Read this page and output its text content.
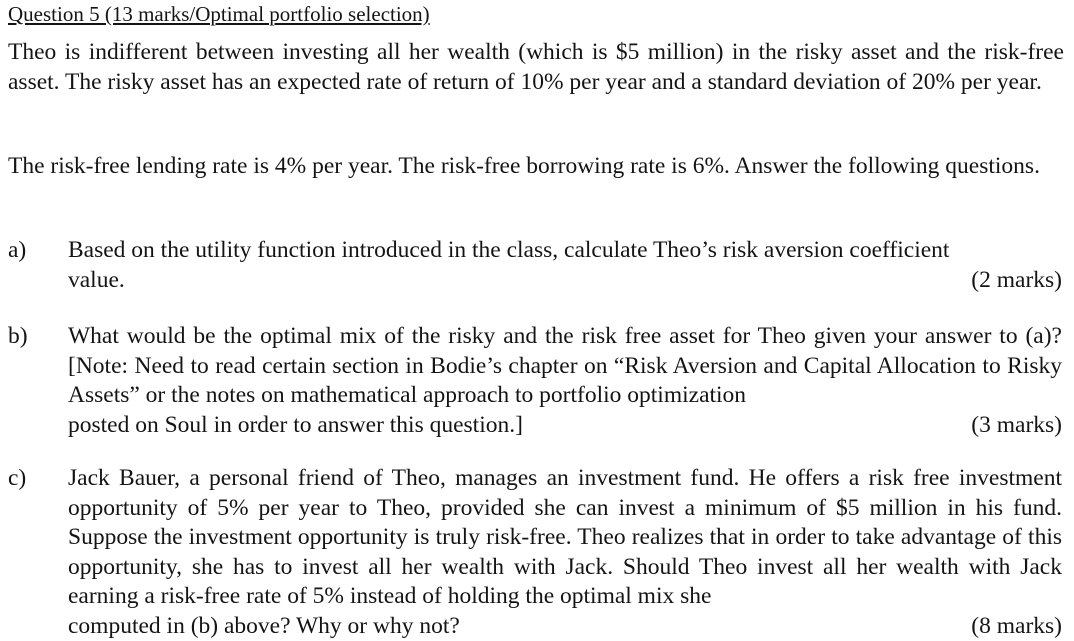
Question 5 (13 marks/Optimal portfolio selection)
Theo is indifferent between investing all her wealth (which is $5 million) in the risky asset and the risk-free asset. The risky asset has an expected rate of return of 10% per year and a standard deviation of 20% per year.
The risk-free lending rate is 4% per year. The risk-free borrowing rate is 6%. Answer the following questions.
a) Based on the utility function introduced in the class, calculate Theo’s risk aversion coefficient
value.	(2 marks)
b) What would be the optimal mix of the risky and the risk free asset for Theo given your answer to (a)? [Note: Need to read certain section in Bodie’s chapter on “Risk Aversion and Capital Allocation to Risky Assets” or the notes on mathematical approach to portfolio optimization
posted on Soul in order to answer this question.]	(3 marks)
c) Jack Bauer, a personal friend of Theo, manages an investment fund. He offers a risk free investment opportunity of 5% per year to Theo, provided she can invest a minimum of $5 million in his fund. Suppose the investment opportunity is truly risk-free. Theo realizes that in order to take advantage of this opportunity, she has to invest all her wealth with Jack. Should Theo invest all her wealth with Jack earning a risk-free rate of 5% instead of holding the optimal mix she
computed in (b) above? Why or why not?	(8 marks)
